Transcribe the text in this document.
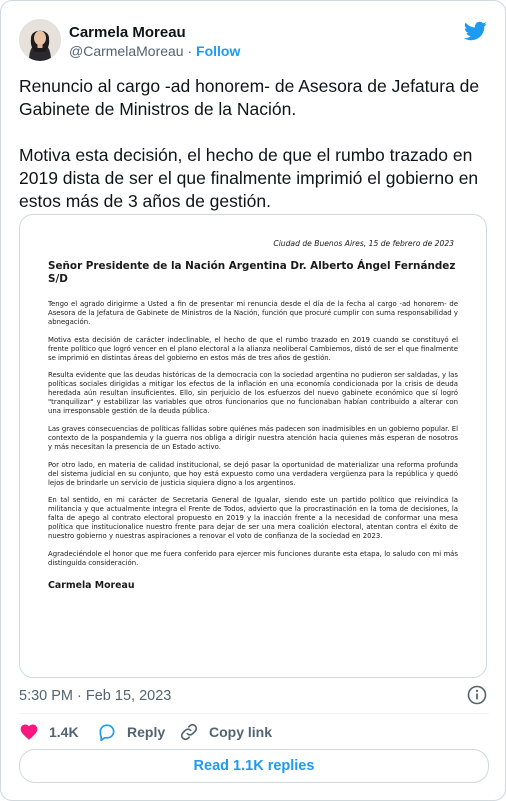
Carmela Moreau
@CarmelaMoreau · Follow

Renuncio al cargo -ad honorem- de Asesora de Jefatura de Gabinete de Ministros de la Nación.

Motiva esta decisión, el hecho de que el rumbo trazado en 2019 dista de ser el que finalmente imprimió el gobierno en estos más de 3 años de gestión.

Ciudad de Buenos Aires, 15 de febrero de 2023
Señor Presidente de la Nación Argentina Dr. Alberto Ángel Fernández S/D

Tengo el agrado dirigirme a Usted a fin de presentar mi renuncia desde el día de la fecha al cargo -ad honorem- de Asesora de la Jefatura de Gabinete de Ministros de la Nación, función que procuré cumplir con suma responsabilidad y abnegación.

Motiva esta decisión de carácter indeclinable, el hecho de que el rumbo trazado en 2019 cuando se constituyó el frente político que logró vencer en el plano electoral a la alianza neoliberal Cambiemos, distó de ser el que finalmente se imprimió en distintas áreas del gobierno en estos más de tres años de gestión.

Resulta evidente que las deudas históricas de la democracia con la sociedad argentina no pudieron ser saldadas, y las políticas sociales dirigidas a mitigar los efectos de la inflación en una economía condicionada por la crisis de deuda heredada aún resultan insuficientes. Ello, sin perjuicio de los esfuerzos del nuevo gabinete económico que sí logró "tranquilizar" y estabilizar las variables que otros funcionarios que no funcionaban habían contribuido a alterar con una irresponsable gestión de la deuda pública.

Las graves consecuencias de políticas fallidas sobre quiénes más padecen son inadmisibles en un gobierno popular. El contexto de la pospandemia y la guerra nos obliga a dirigir nuestra atención hacia quienes más esperan de nosotros y más necesitan la presencia de un Estado activo.

Por otro lado, en materia de calidad institucional, se dejó pasar la oportunidad de materializar una reforma profunda del sistema judicial en su conjunto, que hoy está expuesto como una verdadera vergüenza para la república y quedó lejos de brindarle un servicio de justicia siquiera digno a los argentinos.

En tal sentido, en mi carácter de Secretaria General de Igualar, siendo este un partido político que reivindica la militancia y que actualmente integra el Frente de Todos, advierto que la procrastinación en la toma de decisiones, la falta de apego al contrato electoral propuesto en 2019 y la inacción frente a la necesidad de conformar una mesa política que institucionalice nuestro frente para dejar de ser una mera coalición electoral, atentan contra el éxito de nuestro gobierno y nuestras aspiraciones a renovar el voto de confianza de la sociedad en 2023.

Agradeciéndole el honor que me fuera conferido para ejercer mis funciones durante esta etapa, lo saludo con mi más distinguida consideración.

Carmela Moreau
5:30 PM · Feb 15, 2023
1.4K	Reply	Copy link
Read 1.1K replies
